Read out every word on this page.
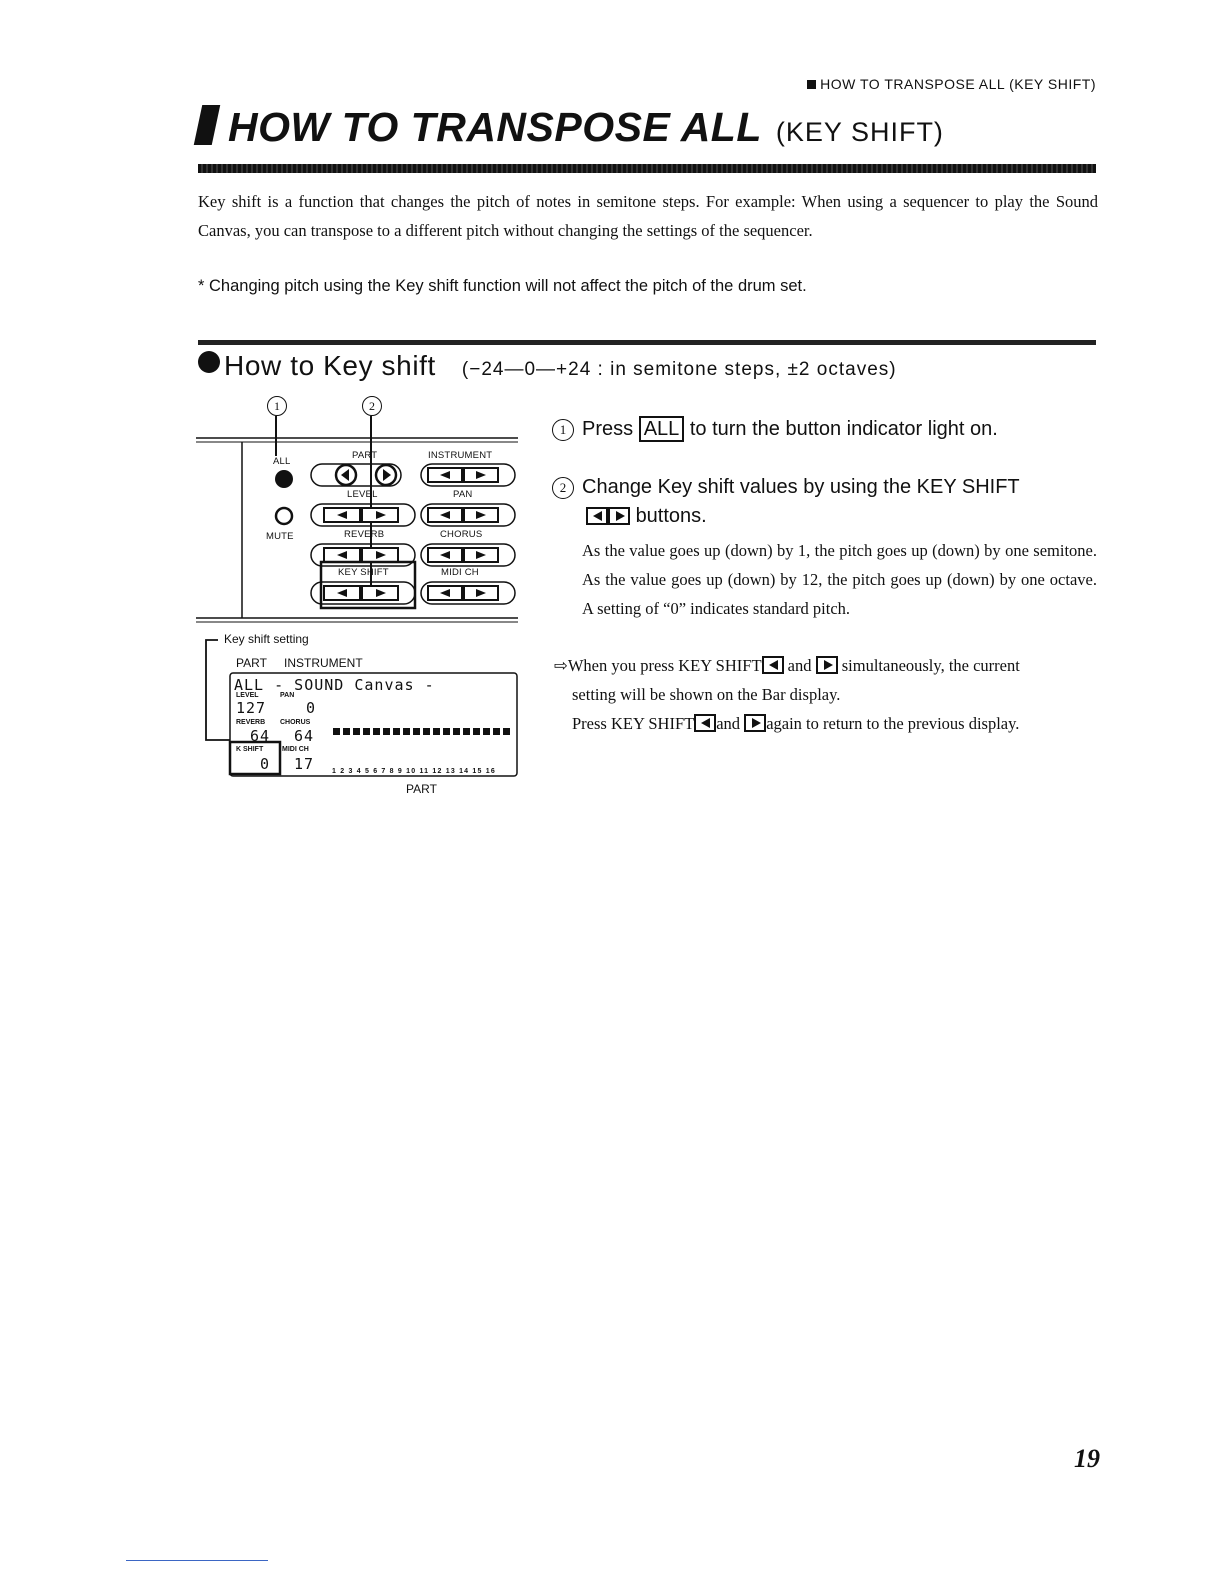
HOW TO TRANSPOSE ALL (KEY SHIFT)
HOW TO TRANSPOSE ALL (KEY SHIFT)
Key shift is a function that changes the pitch of notes in semitone steps. For example: When using a sequencer to play the Sound Canvas, you can transpose to a different pitch without changing the settings of the sequencer.
* Changing pitch using the Key shift function will not affect the pitch of the drum set.
How to Key shift (−24—0—+24 : in semitone steps, ±2 octaves)
1	2
ALL
MUTE
PART	INSTRUMENT
LEVEL	PAN
REVERB	CHORUS
KEY SHIFT	MIDI CH
Key shift setting
PART INSTRUMENT
ALL - SOUND Canvas -
LEVEL	PAN
127	0
REVERB CHORUS
64 64
K SHIFT	MIDI CH
0 17	1 2 3 4 5 6 7 8 9 10 11 12 13 14 15 16
PART
1 Press ALL to turn the button indicator light on.
2 Change Key shift values by using the KEY SHIFT
buttons.
As the value goes up (down) by 1, the pitch goes up (down) by one semitone. As the value goes up (down) by 12, the pitch goes up (down) by one octave. A setting of “0” indicates standard pitch.
⇨When you press KEY SHIFT and simultaneously, the current
setting will be shown on the Bar display.
Press KEY SHIFT and again to return to the previous display.
19
